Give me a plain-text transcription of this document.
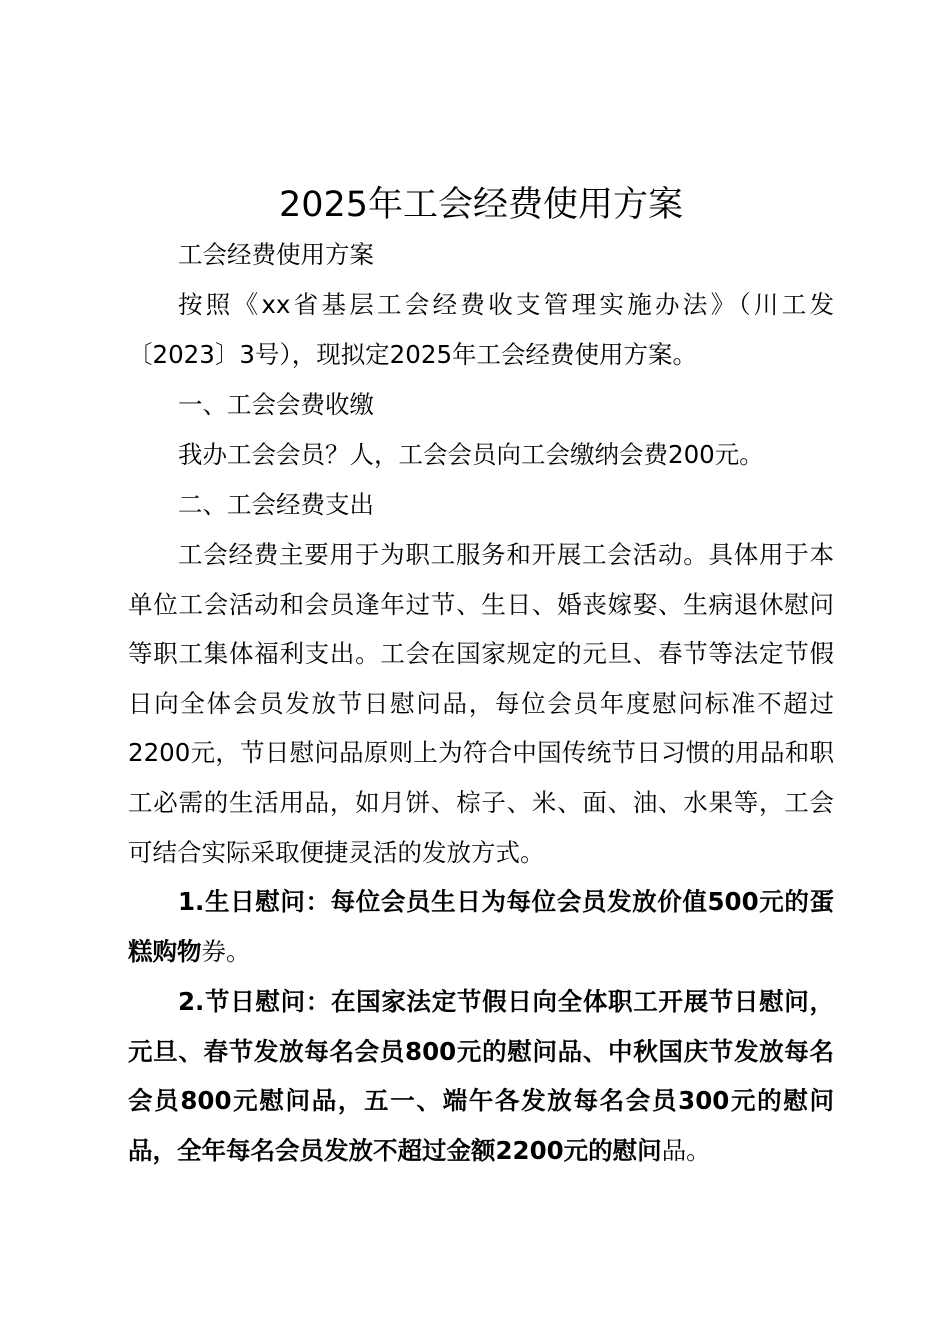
2025年工会经费使用方案

工会经费使用方案

按照《xx省基层工会经费收支管理实施办法》（川工发〔2023〕3号），现拟定2025年工会经费使用方案。

一、工会会费收缴

我办工会会员？人，工会会员向工会缴纳会费200元。

二、工会经费支出

工会经费主要用于为职工服务和开展工会活动。具体用于本单位工会活动和会员逢年过节、生日、婚丧嫁娶、生病退休慰问等职工集体福利支出。工会在国家规定的元旦、春节等法定节假日向全体会员发放节日慰问品，每位会员年度慰问标准不超过2200元，节日慰问品原则上为符合中国传统节日习惯的用品和职工必需的生活用品，如月饼、棕子、米、面、油、水果等，工会可结合实际采取便捷灵活的发放方式。

1.生日慰问：每位会员生日为每位会员发放价值500元的蛋糕购物券。

2.节日慰问：在国家法定节假日向全体职工开展节日慰问，元旦、春节发放每名会员800元的慰问品、中秋国庆节发放每名会员800元慰问品，五一、端午各发放每名会员300元的慰问品，全年每名会员发放不超过金额2200元的慰问品。
